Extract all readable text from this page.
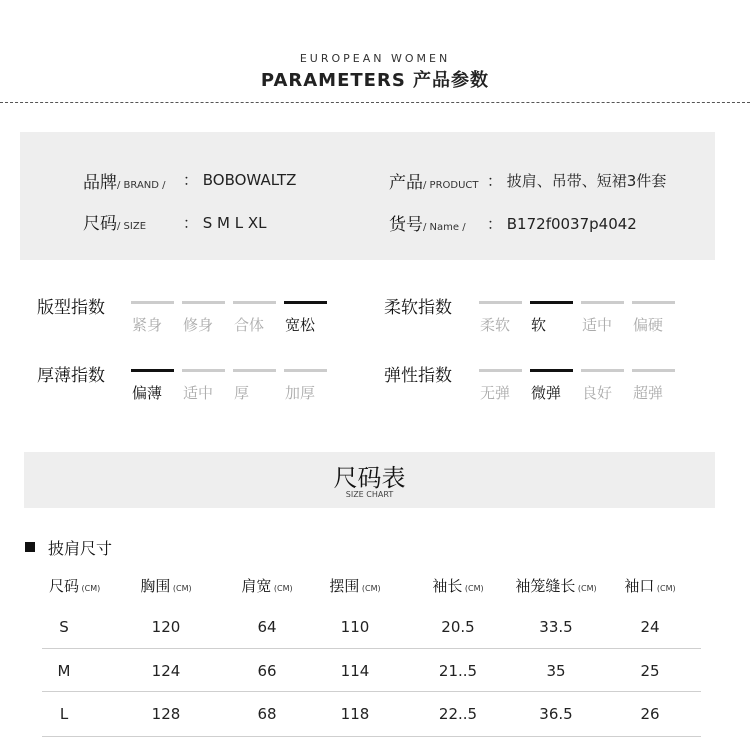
EUROPEAN WOMEN
PARAMETERS 产品参数
品牌/ BRAND / ： BOBOWALTZ	产品/ PRODUCT ： 披肩、吊带、短裙3件套
尺码/ SIZE ： S M L XL	货号/ Name / ： B172f0037p4042
版型指数
紧身 修身 合体 宽松
柔软指数
柔软 软 适中 偏硬
厚薄指数
偏薄 适中 厚 加厚
弹性指数
无弹 微弹 良好 超弹
尺码表
SIZE CHART
披肩尺寸
尺码 (CM)	胸围 (CM)	肩宽 (CM)	摆围 (CM)	袖长 (CM)	袖笼缝长 (CM)	袖口 (CM)
S	120	64	110	20.5	33.5	24
M	124	66	114	21..5	35	25
L	128	68	118	22..5	36.5	26
